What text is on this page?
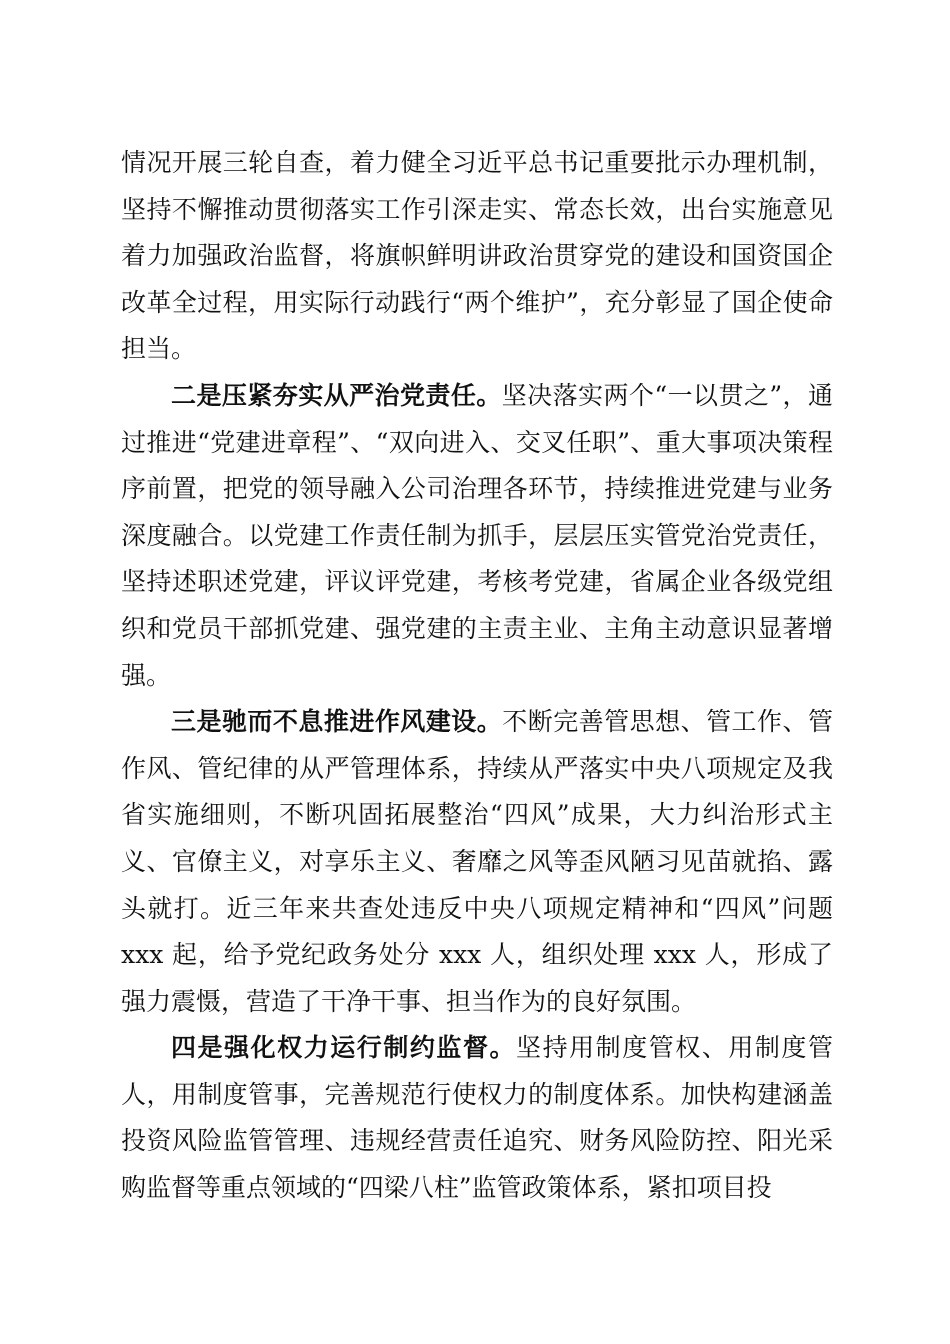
情况开展三轮自查，着力健全习近平总书记重要批示办理机制，坚持不懈推动贯彻落实工作引深走实、常态长效，出台实施意见着力加强政治监督，将旗帜鲜明讲政治贯穿党的建设和国资国企改革全过程，用实际行动践行“两个维护”，充分彰显了国企使命担当。

二是压紧夯实从严治党责任。坚决落实两个“一以贯之”，通过推进“党建进章程”、“双向进入、交叉任职”、重大事项决策程序前置，把党的领导融入公司治理各环节，持续推进党建与业务深度融合。以党建工作责任制为抓手，层层压实管党治党责任，坚持述职述党建，评议评党建，考核考党建，省属企业各级党组织和党员干部抓党建、强党建的主责主业、主角主动意识显著增强。

三是驰而不息推进作风建设。不断完善管思想、管工作、管作风、管纪律的从严管理体系，持续从严落实中央八项规定及我省实施细则，不断巩固拓展整治“四风”成果，大力纠治形式主义、官僚主义，对享乐主义、奢靡之风等歪风陋习见苗就掐、露头就打。近三年来共查处违反中央八项规定精神和“四风”问题 xxx 起，给予党纪政务处分 xxx 人，组织处理 xxx 人，形成了强力震慑，营造了干净干事、担当作为的良好氛围。

四是强化权力运行制约监督。坚持用制度管权、用制度管人，用制度管事，完善规范行使权力的制度体系。加快构建涵盖投资风险监管管理、违规经营责任追究、财务风险防控、阳光采购监督等重点领域的“四梁八柱”监管政策体系，紧扣项目投
